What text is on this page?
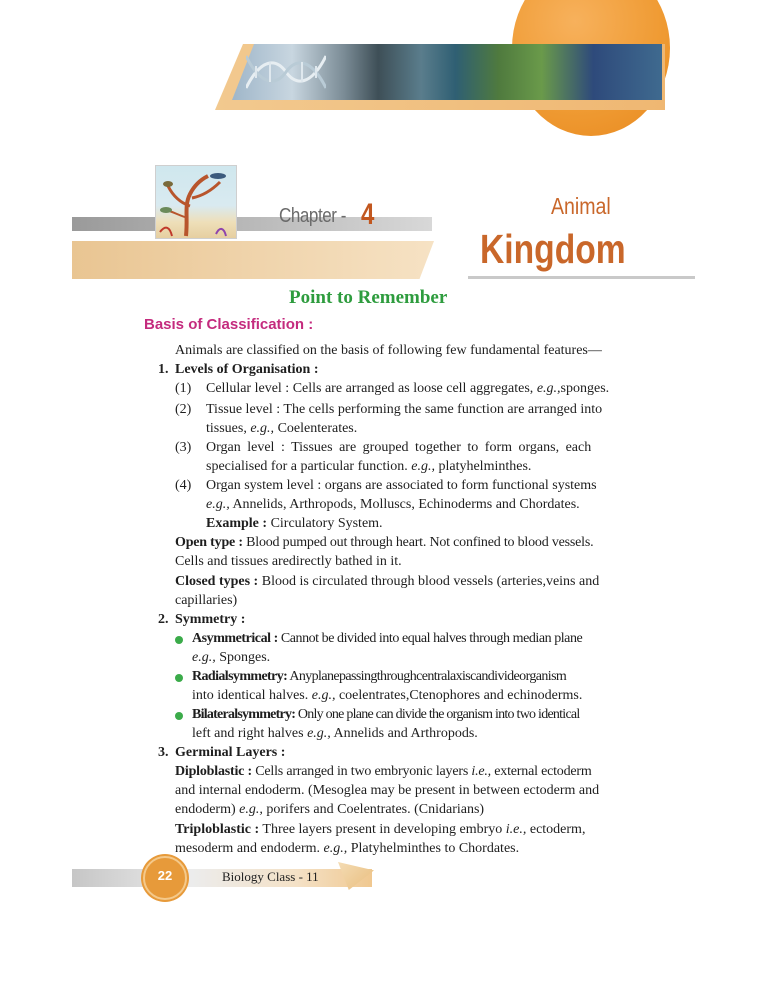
Chapter - 4	Animal
Kingdom
Point to Remember
Basis of Classification :
Animals are classified on the basis of following few fundamental features—
1. Levels of Organisation :
(1) Cellular level : Cells are arranged as loose cell aggregates, e.g.,sponges.
(2) Tissue level : The cells performing the same function are arranged into
tissues, e.g., Coelenterates.
(3) Organ level : Tissues are grouped together to form organs, each
specialised for a particular function. e.g., platyhelminthes.
(4) Organ system level : organs are associated to form functional systems
e.g., Annelids, Arthropods, Molluscs, Echinoderms and Chordates.
Example : Circulatory System.
Open type : Blood pumped out through heart. Not confined to blood vessels.
Cells and tissues aredirectly bathed in it.
Closed types : Blood is circulated through blood vessels (arteries,veins and
capillaries)
2. Symmetry :
Asymmetrical : Cannot be divided into equal halves through median plane
e.g., Sponges.
Radialsymmetry: Anyplanepassingthroughcentralaxiscandivideorganism
into identical halves. e.g., coelentrates,Ctenophores and echinoderms.
Bilateralsymmetry: Only one plane can divide the organism into two identical
left and right halves e.g., Annelids and Arthropods.
3. Germinal Layers :
Diploblastic : Cells arranged in two embryonic layers i.e., external ectoderm
and internal endoderm. (Mesoglea may be present in between ectoderm and
endoderm) e.g., porifers and Coelentrates. (Cnidarians)
Triploblastic : Three layers present in developing embryo i.e., ectoderm,
mesoderm and endoderm. e.g., Platyhelminthes to Chordates.
22	Biology Class - 11
